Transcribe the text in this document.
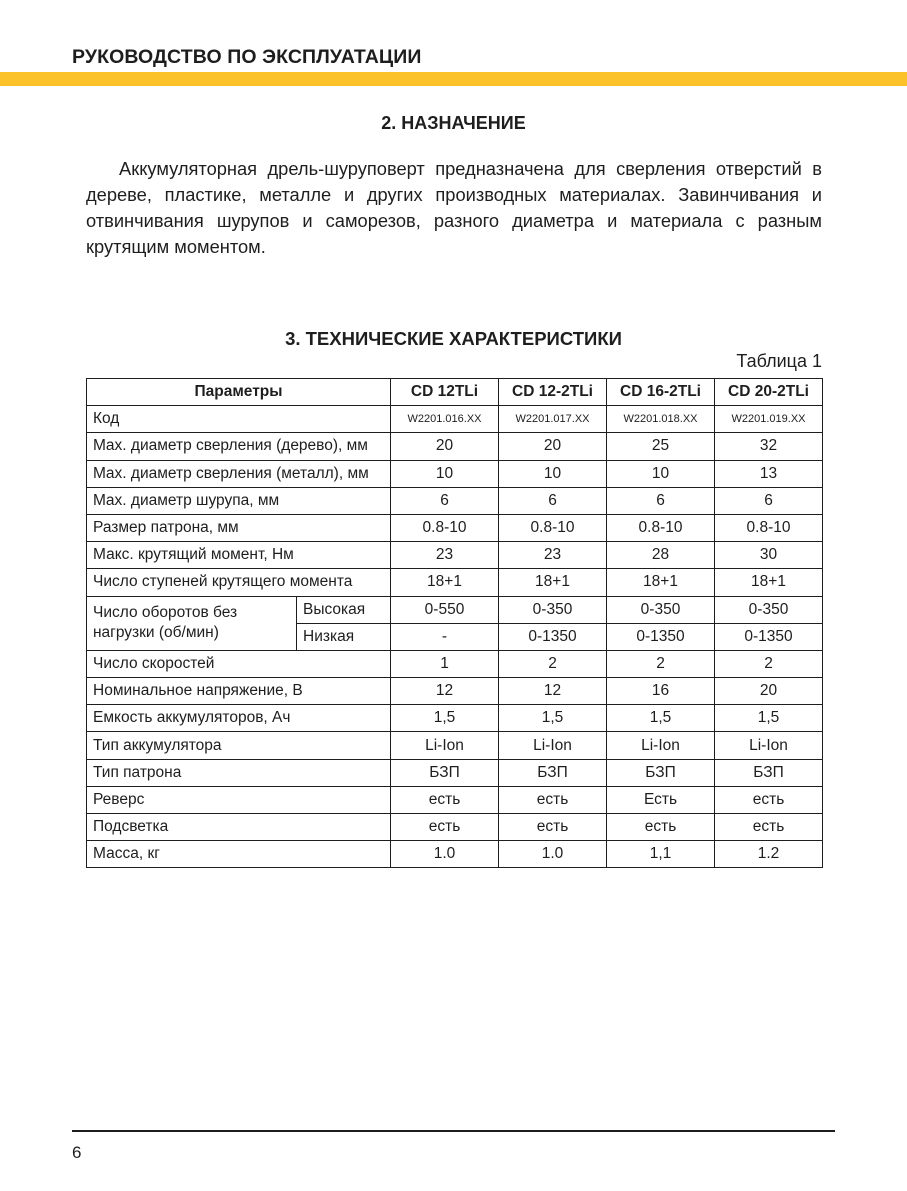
РУКОВОДСТВО ПО ЭКСПЛУАТАЦИИ
2. НАЗНАЧЕНИЕ
Аккумуляторная дрель-шуруповерт предназначена для сверления отверстий в дереве, пластике, металле и других производных материалах. Завинчивания и отвинчивания шурупов и саморезов, разного диаметра и материала с разным крутящим моментом.
3. ТЕХНИЧЕСКИЕ ХАРАКТЕРИСТИКИ
Таблица 1
Параметры		CD 12TLi	CD 12-2TLi	CD 16-2TLi	CD 20-2TLi
Код		W2201.016.XX	W2201.017.XX	W2201.018.XX	W2201.019.XX
Max. диаметр сверления (дерево), мм		20	20	25	32
Max. диаметр сверления (металл), мм		10	10	10	13
Max. диаметр шурупа, мм		6	6	6	6
Размер патрона, мм		0.8-10	0.8-10	0.8-10	0.8-10
Макс. крутящий момент, Нм		23	23	28	30
Число ступеней крутящего момента		18+1	18+1	18+1	18+1
Число оборотов без нагрузки (об/мин)	Высокая	0-550	0-350	0-350	0-350
	Низкая	-	0-1350	0-1350	0-1350
Число скоростей		1	2	2	2
Номинальное напряжение, В		12	12	16	20
Емкость аккумуляторов, Ач		1,5	1,5	1,5	1,5
Тип аккумулятора		Li-Ion	Li-Ion	Li-Ion	Li-Ion
Тип патрона		БЗП	БЗП	БЗП	БЗП
Реверс		есть	есть	Есть	есть
Подсветка		есть	есть	есть	есть
Масса, кг		1.0	1.0	1,1	1.2
6
